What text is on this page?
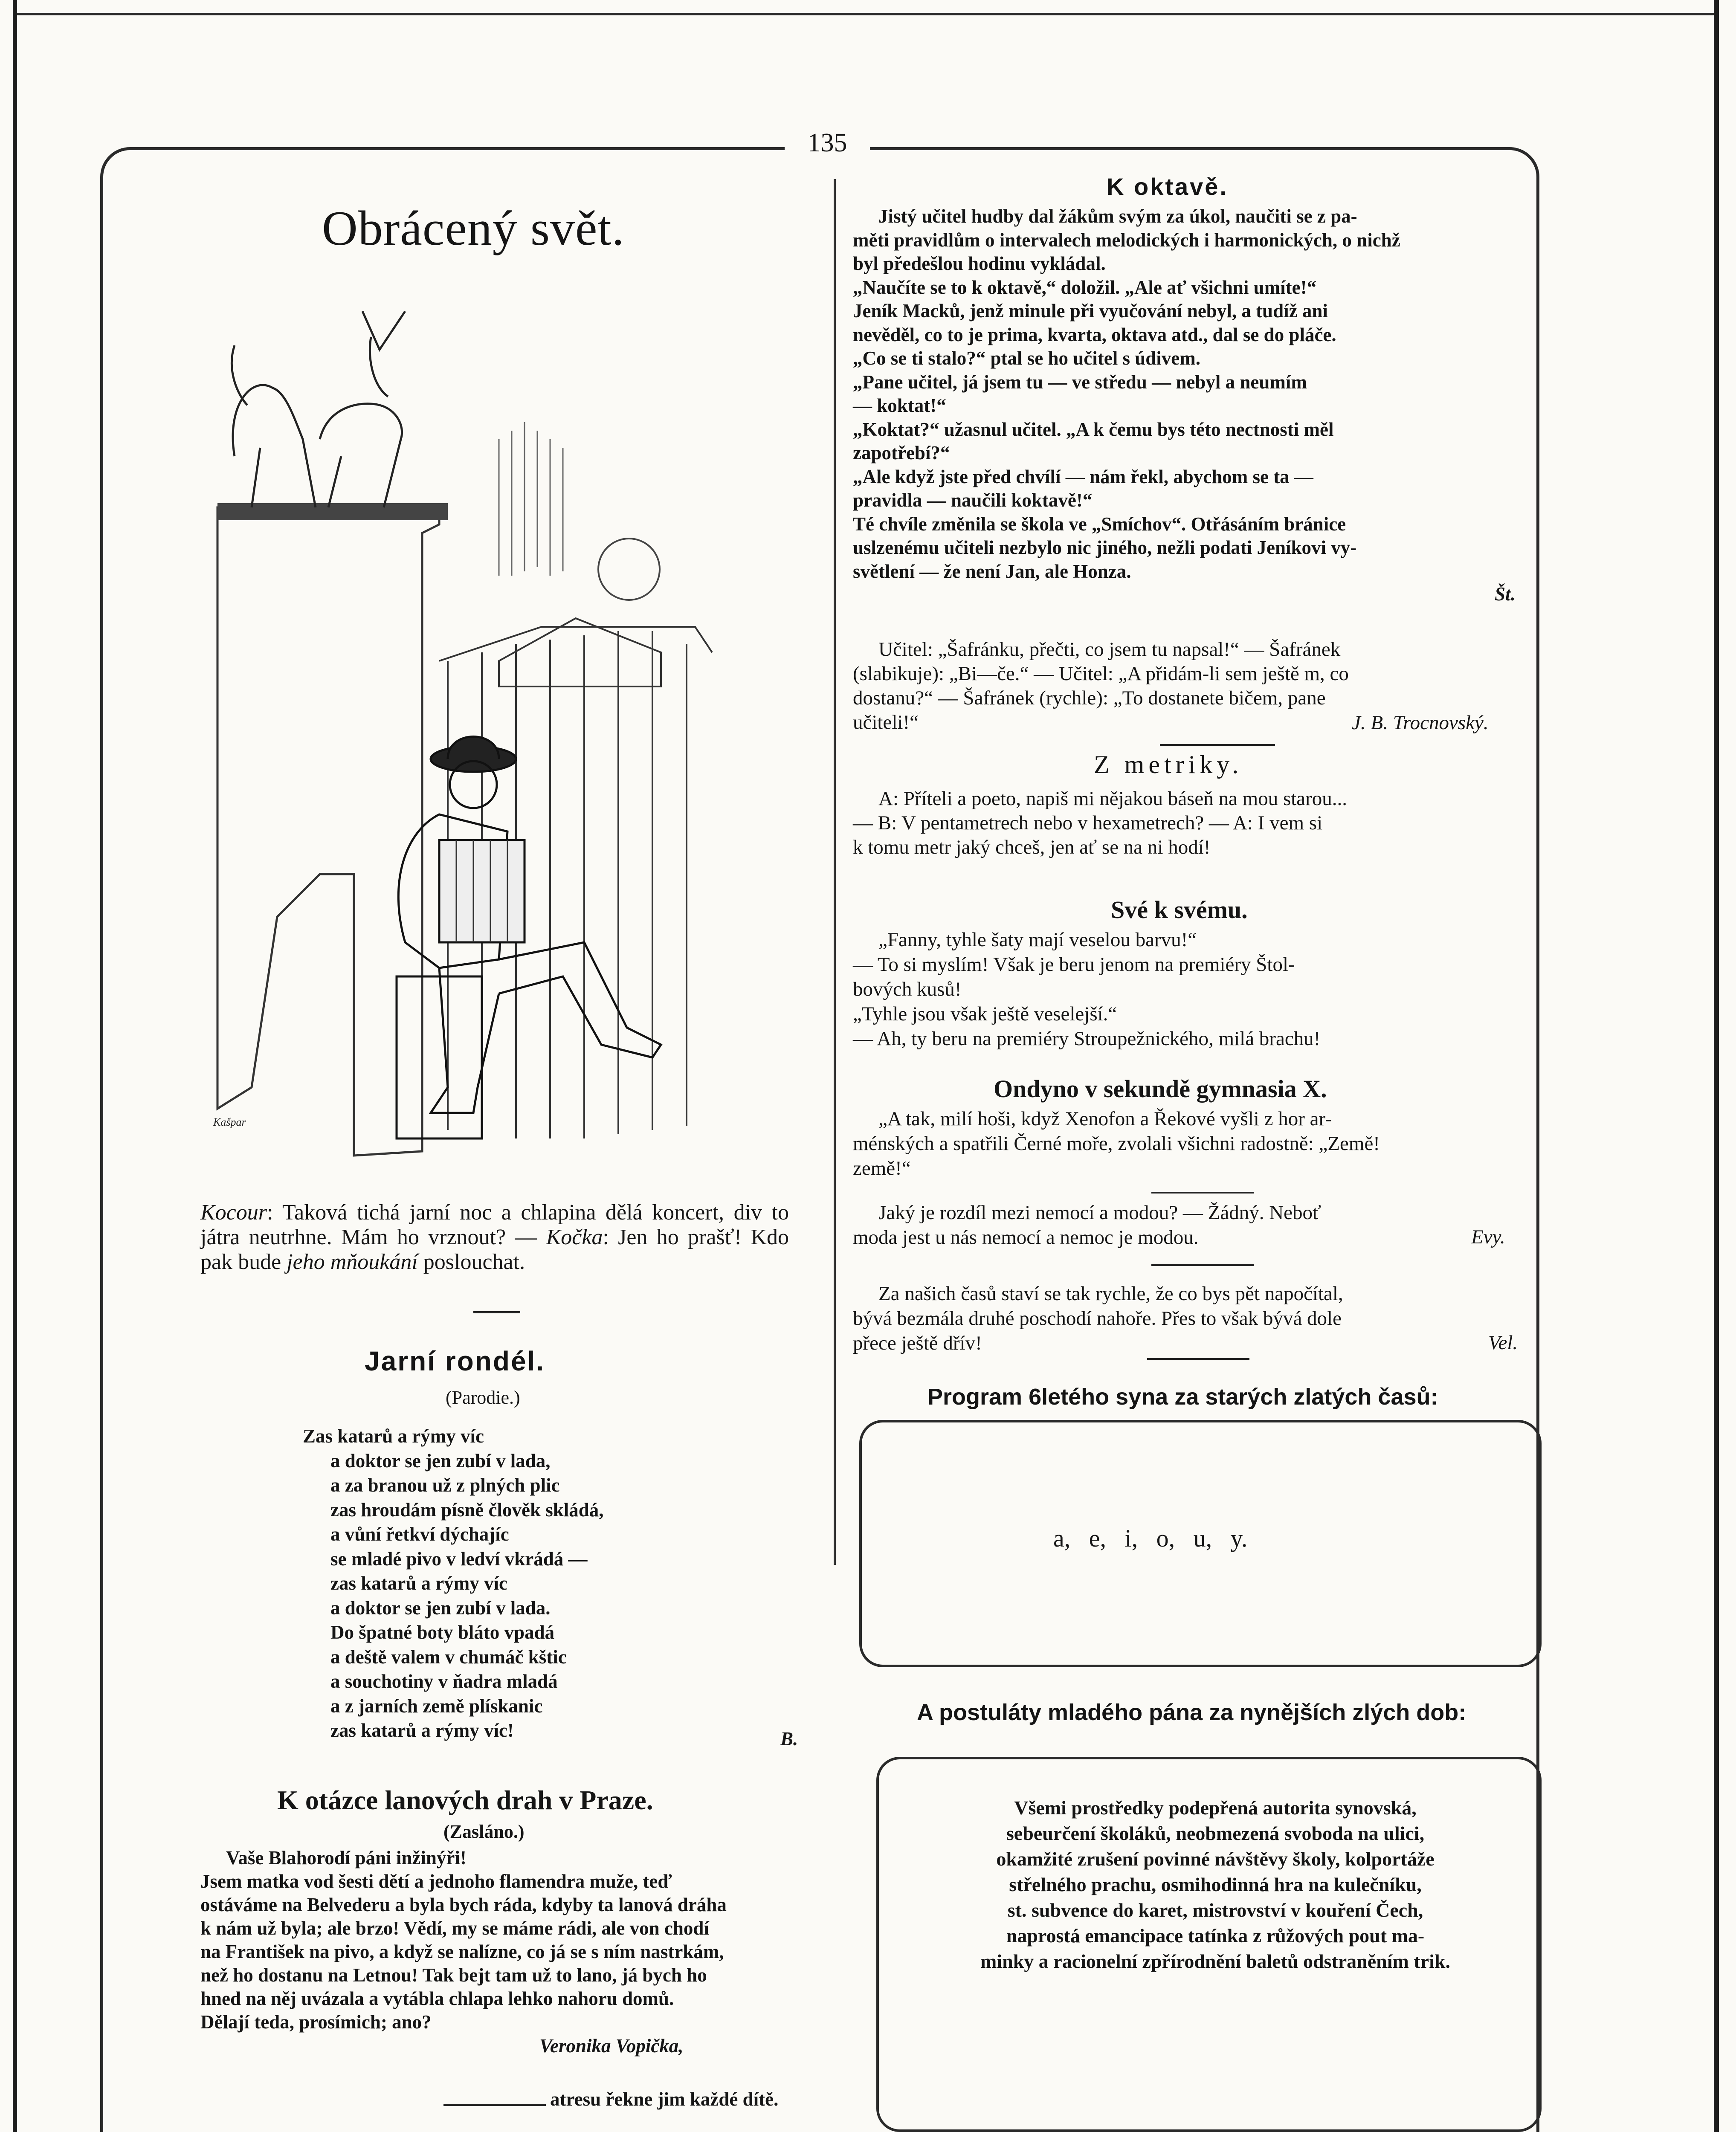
135
Obrácený svět.
Kašpar
Kocour: Taková tichá jarní noc a chlapina dělá koncert, div to játra neutrhne. Mám ho vrznout? — Kočka: Jen ho prašť! Kdo pak bude jeho mňoukání poslouchat.
Jarní rondél.
(Parodie.)
Zas katarů a rýmy víc
a doktor se jen zubí v lada,
a za branou už z plných plic
zas hroudám písně člověk skládá,
a vůní řetkví dýchajíc
se mladé pivo v ledví vkrádá —
zas katarů a rýmy víc
a doktor se jen zubí v lada.
Do špatné boty bláto vpadá
a deště valem v chumáč kštic
a souchotiny v ňadra mladá
a z jarních země plískanic
zas katarů a rýmy víc!	B.
K otázce lanových drah v Praze.
(Zasláno.)
Vaše Blahorodí páni inžinýři!
Jsem matka vod šesti dětí a jednoho flamendra muže, teď
ostáváme na Belvederu a byla bych ráda, kdyby ta lanová dráha
k nám už byla; ale brzo! Vědí, my se máme rádi, ale von chodí
na František na pivo, a když se nalízne, co já se s ním nastrkám,
než ho dostanu na Letnou! Tak bejt tam už to lano, já bych ho
hned na něj uvázala a vytábla chlapa lehko nahoru domů.
Dělají teda, prosímich; ano?
Veronika Vopička,
atresu řekne jim každé dítě.
K oktavě.
Jistý učitel hudby dal žákům svým za úkol, naučiti se z pa-
měti pravidlům o intervalech melodických i harmonických, o nichž
byl předešlou hodinu vykládal.
„Naučíte se to k oktavě,“ doložil. „Ale ať všichni umíte!“
Jeník Macků, jenž minule při vyučování nebyl, a tudíž ani
nevěděl, co to je prima, kvarta, oktava atd., dal se do pláče.
„Co se ti stalo?“ ptal se ho učitel s údivem.
„Pane učitel, já jsem tu — ve středu — nebyl a neumím
— koktat!“
„Koktat?“ užasnul učitel. „A k čemu bys této nectnosti měl
zapotřebí?“
„Ale když jste před chvílí — nám řekl, abychom se ta —
pravidla — naučili koktavě!“
Té chvíle změnila se škola ve „Smíchov“. Otřásáním bránice
uslzenému učiteli nezbylo nic jiného, nežli podati Jeníkovi vy-
světlení — že není Jan, ale Honza.
Št.
Učitel: „Šafránku, přečti, co jsem tu napsal!“ — Šafránek
(slabikuje): „Bi—če.“ — Učitel: „A přidám-li sem ještě m, co
dostanu?“ — Šafránek (rychle): „To dostanete bičem, pane
učiteli!“	J. B. Trocnovský.
Z metriky.
A: Příteli a poeto, napiš mi nějakou báseň na mou starou...
— B: V pentametrech nebo v hexametrech? — A: I vem si
k tomu metr jaký chceš, jen ať se na ni hodí!
Své k svému.
„Fanny, tyhle šaty mají veselou barvu!“
— To si myslím! Však je beru jenom na premiéry Štol-
bových kusů!
„Tyhle jsou však ještě veselejší.“
— Ah, ty beru na premiéry Stroupežnického, milá brachu!
Ondyno v sekundě gymnasia X.
„A tak, milí hoši, když Xenofon a Řekové vyšli z hor ar-
ménských a spatřili Černé moře, zvolali všichni radostně: „Země!
země!“
Jaký je rozdíl mezi nemocí a modou? — Žádný. Neboť
moda jest u nás nemocí a nemoc je modou.	Evy.
Za našich časů staví se tak rychle, že co bys pět napočítal,
bývá bezmála druhé poschodí nahoře. Přes to však bývá dole
přece ještě dřív!	Vel.
Program 6letého syna za starých zlatých časů:
a,   e,   i,   o,   u,   y.
A postuláty mladého pána za nynějších zlých dob:
Všemi prostředky podepřená autorita synovská,
sebeurčení školáků, neobmezená svoboda na ulici,
okamžité zrušení povinné návštěvy školy, kolportáže
střelného prachu, osmihodinná hra na kulečníku,
st. subvence do karet, mistrovství v kouření Čech,
naprostá emancipace tatínka z růžových pout ma-
minky a racionelní zpřírodnění baletů odstraněním trik.
